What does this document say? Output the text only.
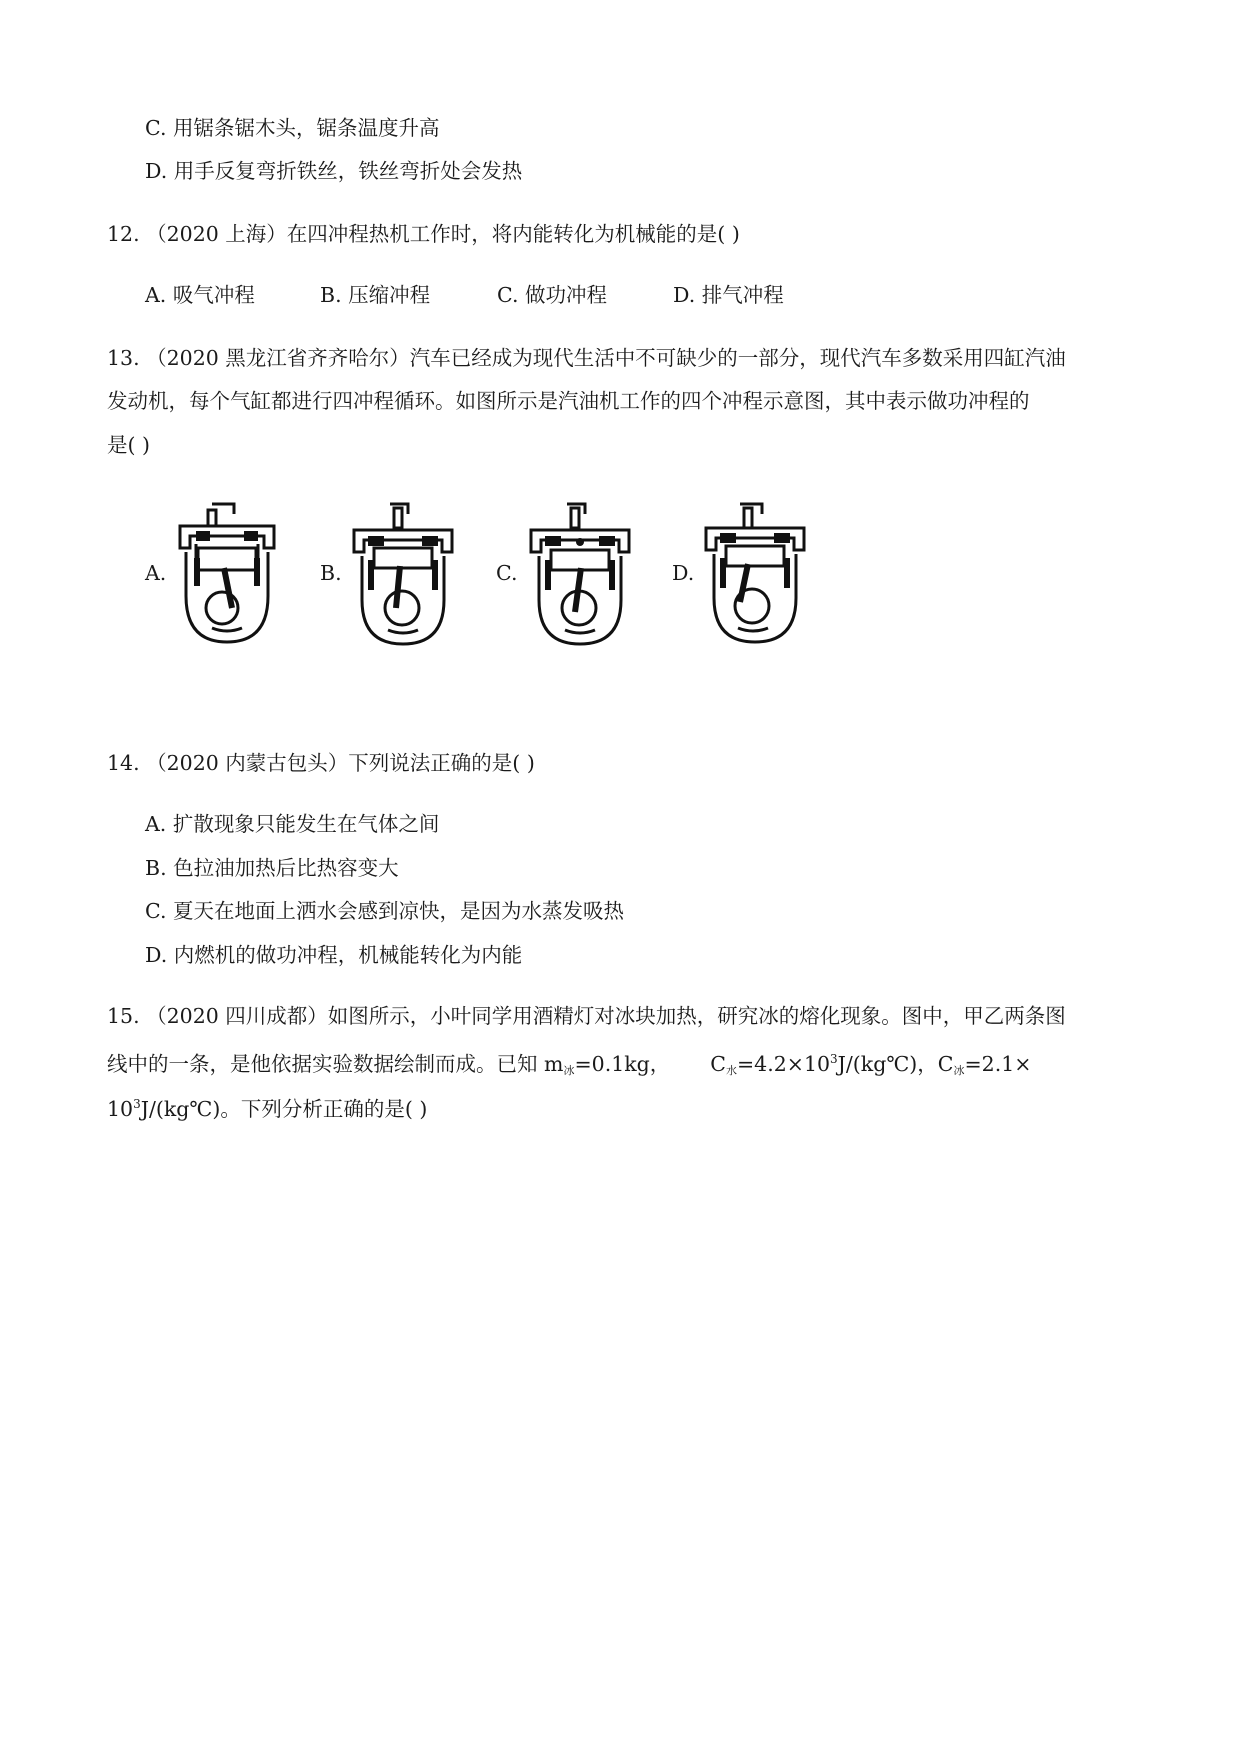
C. 用锯条锯木头，锯条温度升高
D. 用手反复弯折铁丝，铁丝弯折处会发热
12. （2020 上海）在四冲程热机工作时，将内能转化为机械能的是( )
A. 吸气冲程	B. 压缩冲程	C. 做功冲程	D. 排气冲程
13. （2020 黑龙江省齐齐哈尔）汽车已经成为现代生活中不可缺少的一部分，现代汽车多数采用四缸汽油
发动机，每个气缸都进行四冲程循环。如图所示是汽油机工作的四个冲程示意图，其中表示做功冲程的
是( )
A.	B.	C.	D.
14. （2020 内蒙古包头）下列说法正确的是( )
A. 扩散现象只能发生在气体之间
B. 色拉油加热后比热容变大
C. 夏天在地面上洒水会感到凉快，是因为水蒸发吸热
D. 内燃机的做功冲程，机械能转化为内能
15. （2020 四川成都）如图所示，小叶同学用酒精灯对冰块加热，研究冰的熔化现象。图中，甲乙两条图
线中的一条，是他依据实验数据绘制而成。已知 $m_冰=0.1kg$， $C_水=4.2\times 10^3J/(kg℃)$，$C_冰=2.1\times$
$10^3J/(kg℃)$。下列分析正确的是( )
